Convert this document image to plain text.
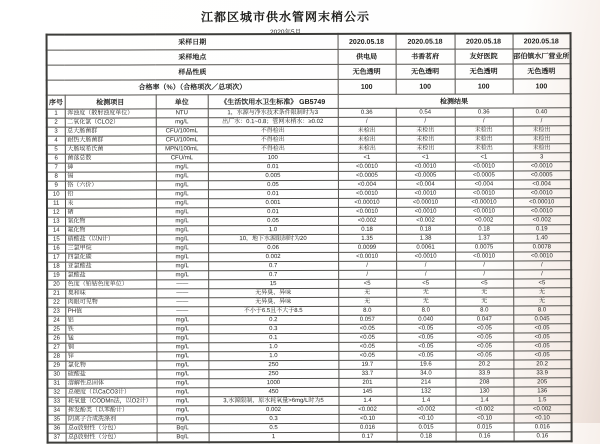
江都区城市供水管网末梢公示
2020年5月
采样日期				2020.05.18	2020.05.18	2020.05.18	2020.05.18
采样地点				供电局	书香茗府	友好医院	邵伯镇水厂营业所
样品性质				无色透明	无色透明	无色透明	无色透明
合格率（%）（合格项次／总项次）				100	100	100	100
序号	检测项目	单位	《生活饮用水卫生标准》 GB5749	检测结果			
1	浑浊度（散射浊度单位）	NTU	1，水源与净水技术条件限制时为3	0.36	0.54	0.36	0.40
2	二氧化氯（CLO2）	mg/L	出厂水：0.1~0.8；管网末梢水：≥0.02	/	/	/	/
3	总大肠菌群	CFU/100mL	不得检出	未检出	未检出	未检出	未检出
4	耐热大肠菌群	CFU/100mL	不得检出	未检出	未检出	未检出	未检出
5	大肠埃希氏菌	MPN/100mL	不得检出	未检出	未检出	未检出	未检出
6	菌落总数	CFU/mL	100	<1	<1	<1	3
7	砷	mg/L	0.01	<0.0010	<0.0010	<0.0010	<0.0010
8	镉	mg/L	0.005	<0.0005	<0.0005	<0.0005	<0.0005
9	铬（六价）	mg/L	0.05	<0.004	<0.004	<0.004	<0.004
10	铅	mg/L	0.01	<0.0010	<0.0010	<0.0010	<0.0010
11	汞	mg/L	0.001	<0.00010	<0.00010	<0.00010	<0.00010
12	硒	mg/L	0.01	<0.0010	<0.0010	<0.0010	<0.0010
13	氰化物	mg/L	0.05	<0.002	<0.002	<0.002	<0.002
14	氟化物	mg/L	1.0	0.18	0.18	0.18	0.19
15	硝酸盐（以N计）	mg/L	10，地下水源限制时为20	1.35	1.38	1.37	1.40
16	三氯甲烷	mg/L	0.06	0.0099	0.0061	0.0075	0.0078
17	四氯化碳	mg/L	0.002	<0.0010	<0.0010	<0.0010	<0.0010
18	亚氯酸盐	mg/L	0.7	/	/	/	/
19	氯酸盐	mg/L	0.7	/	/	/	/
20	色度（铂钴色度单位）	——	15	<5	<5	<5	<5
21	臭和味	——	无异臭、异味	无	无	无	无
22	肉眼可见物	——	无异臭、异味	无	无	无	无
23	PH值	——	不小于6.5且不大于8.5	8.0	8.0	8.0	8.0
24	铝	mg/L	0.2	0.057	0.040	0.047	0.045
25	铁	mg/L	0.3	<0.05	<0.05	<0.05	<0.05
26	锰	mg/L	0.1	<0.05	<0.05	<0.05	<0.05
27	铜	mg/L	1.0	<0.05	<0.05	<0.05	<0.05
28	锌	mg/L	1.0	<0.05	<0.05	<0.05	<0.05
29	氯化物	mg/L	250	19.7	19.6	20.2	20.2
30	硫酸盐	mg/L	250	33.7	34.0	33.9	33.9
31	溶解性总固体	mg/L	1000	201	214	208	205
32	总硬度（以CaCO3计）	mg/L	450	145	132	130	136
33	耗氧量（CODMn法，以O2计）	mg/L	3,水源限制，原水耗氧量>6mg/L时为5	1.4	1.4	1.4	1.5
34	挥发酚类（以苯酚计）	mg/L	0.002	<0.002	<0.002	<0.002	<0.002
35	阴离子合成洗涤剂	mg/L	0.3	<0.10	<0.10	<0.10	<0.10
36	总α放射性（分包）	Bq/L	0.5	0.016	0.015	0.015	0.016
37	总β放射性（分包）	Bq/L	1	0.17	0.18	0.16	0.16
